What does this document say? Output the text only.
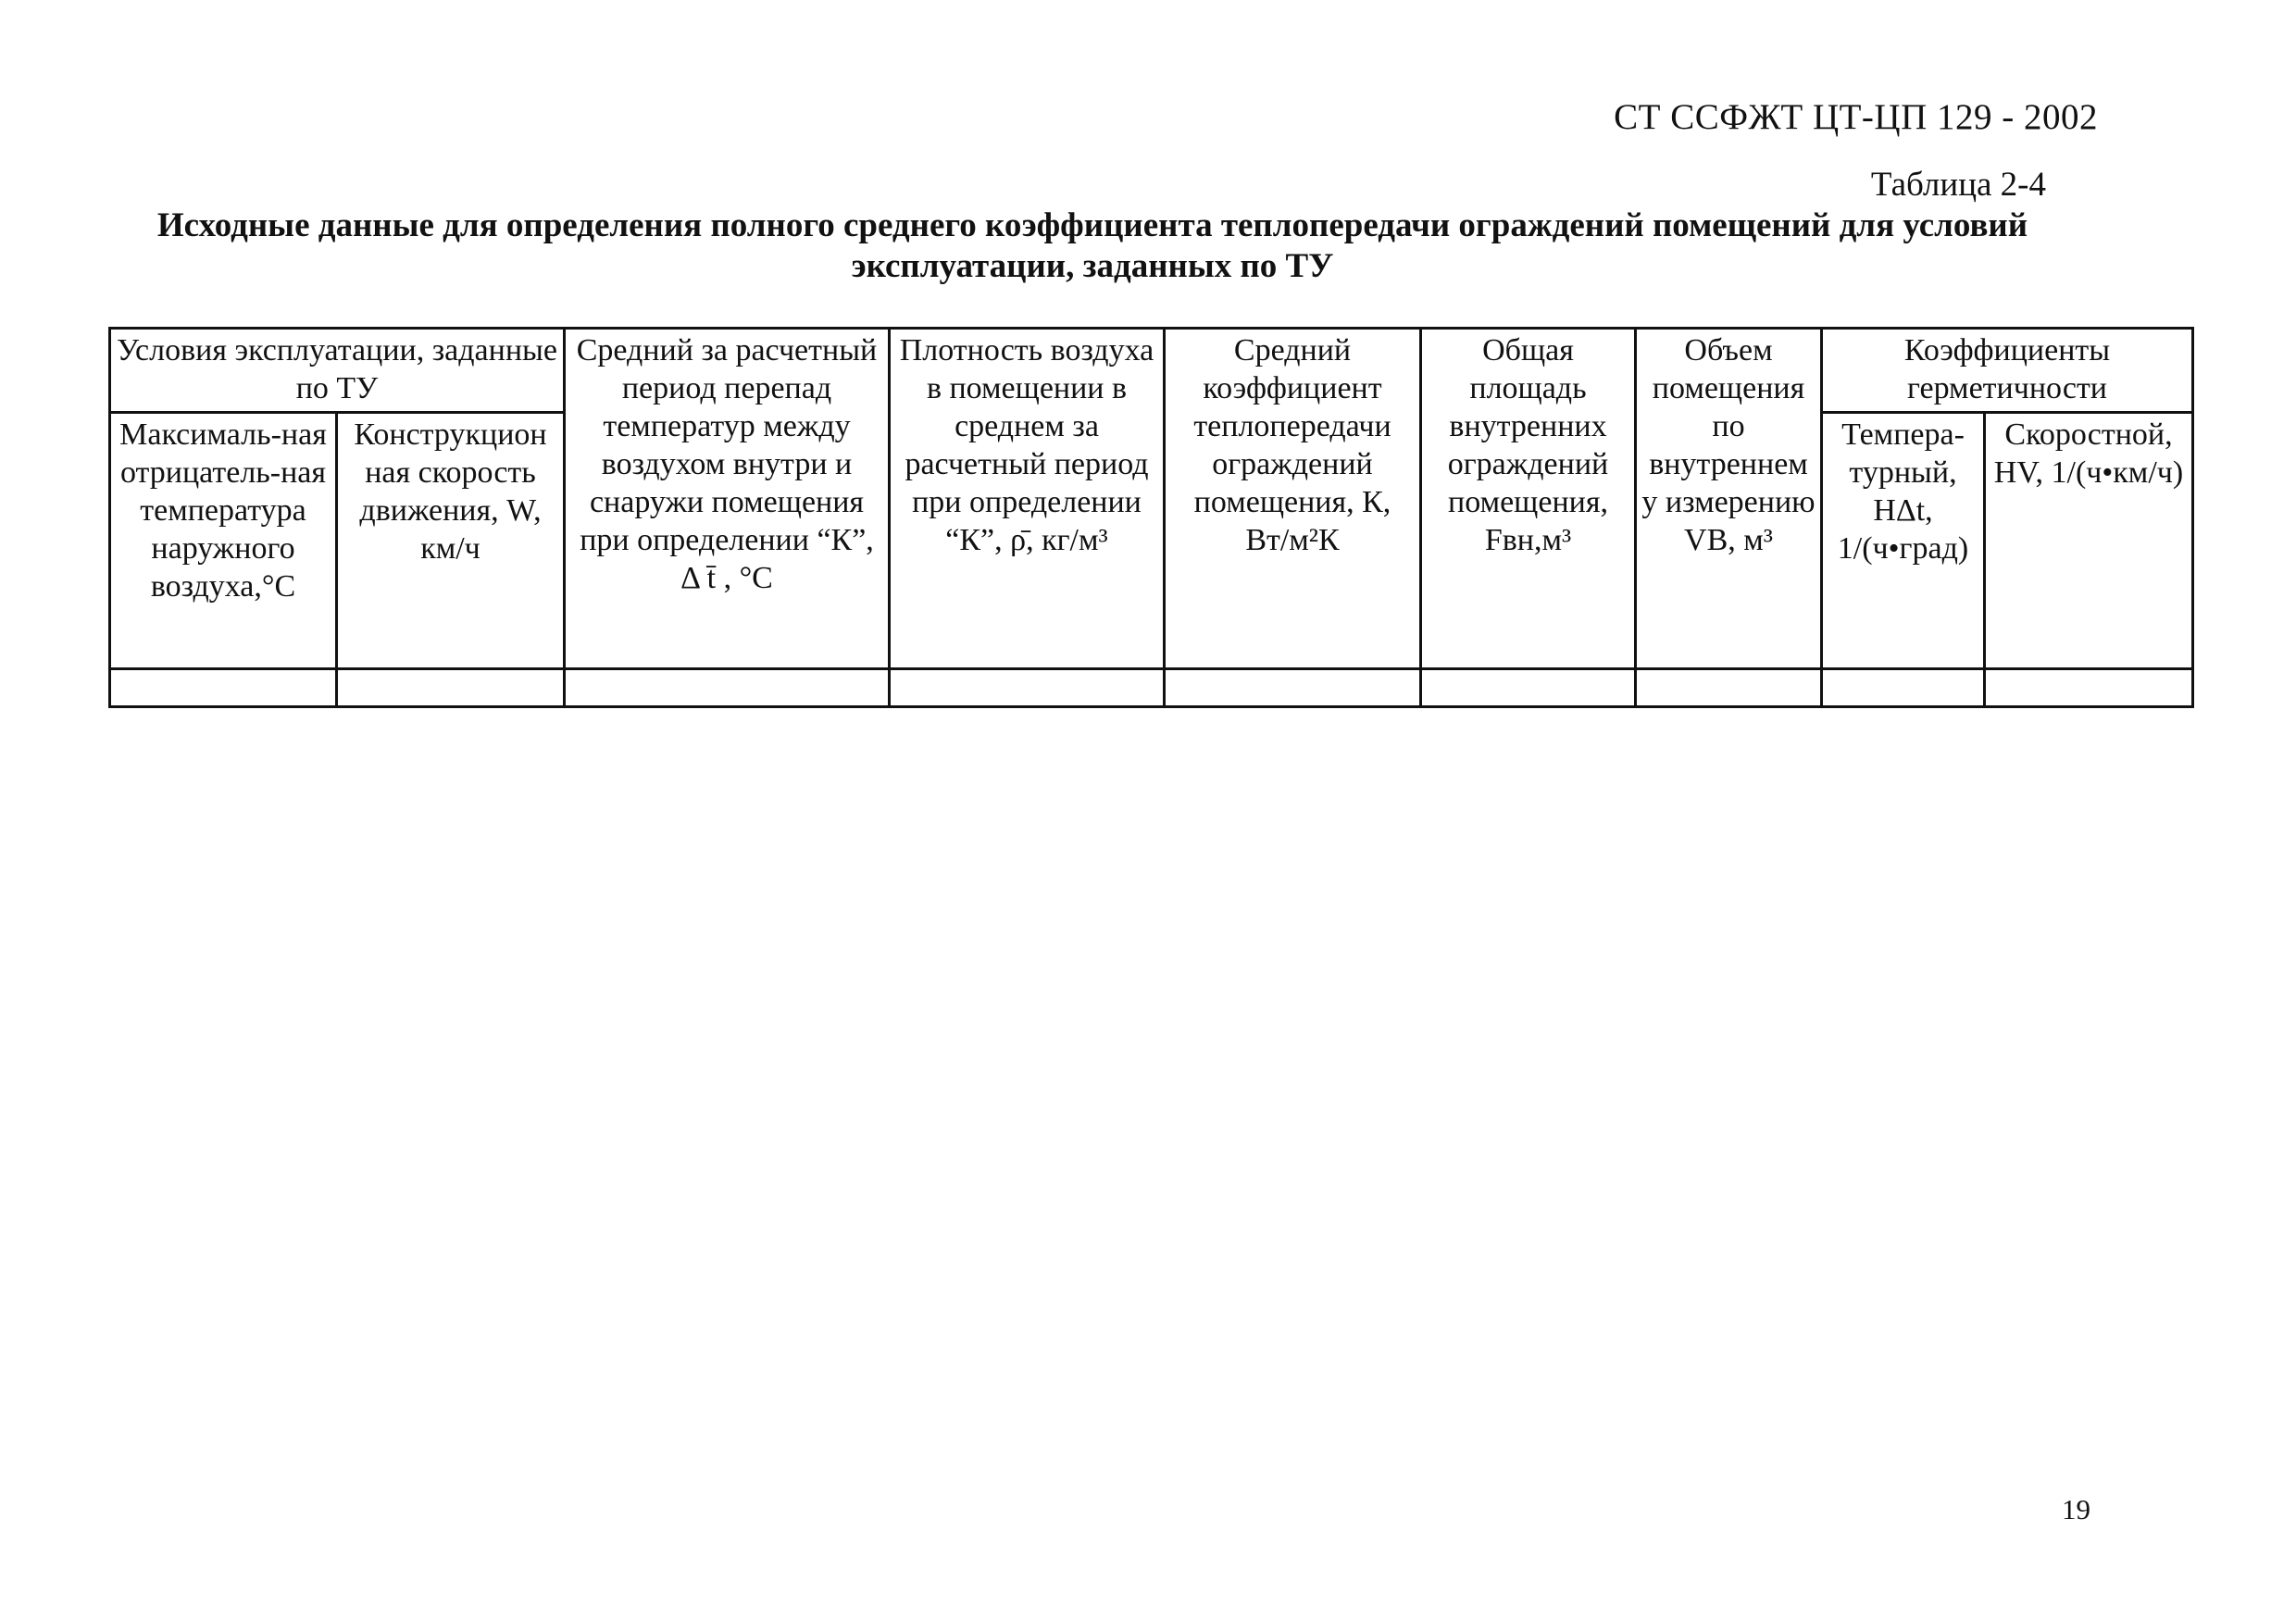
СТ ССФЖТ ЦТ-ЦП 129 - 2002
Таблица 2-4
Исходные данные для определения полного среднего коэффициента теплопередачи ограждений помещений для условий эксплуатации, заданных по ТУ
Условия эксплуатации, заданные по ТУ		Средний за расчетный период перепад температур между воздухом внутри и снаружи помещения при определении “К”, Δ t̄ , °С	Плотность воздуха в помещении в среднем за расчетный период при определении “К”, ρ̄, кг/м³	Средний коэффициент теплопередачи ограждений помещения, К, Вт/м²К	Общая площадь внутренних ограждений помещения, Fвн,м³	Объем помещения по внутреннем у измерению VВ, м³	Коэффициенты герметичности	
Максималь-ная отрицатель-ная температура наружного воздуха,°С	Конструкцион ная скорость движения, W, км/ч						Темпера-турный, HΔt, 1/(ч•град)	Скоростной, HV, 1/(ч•км/ч)

19
